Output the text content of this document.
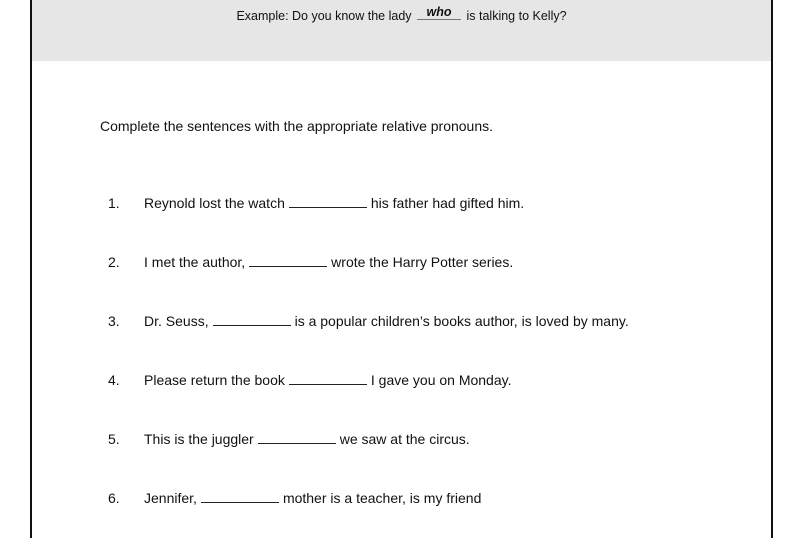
Example: Do you know the lady who is talking to Kelly?
Complete the sentences with the appropriate relative pronouns.
1. Reynold lost the watch	his father had gifted him.
2. I met the author,	wrote the Harry Potter series.
3. Dr. Seuss,	is a popular children’s books author, is loved by many.
4. Please return the book	I gave you on Monday.
5. This is the juggler	we saw at the circus.
6. Jennifer,	mother is a teacher, is my friend
